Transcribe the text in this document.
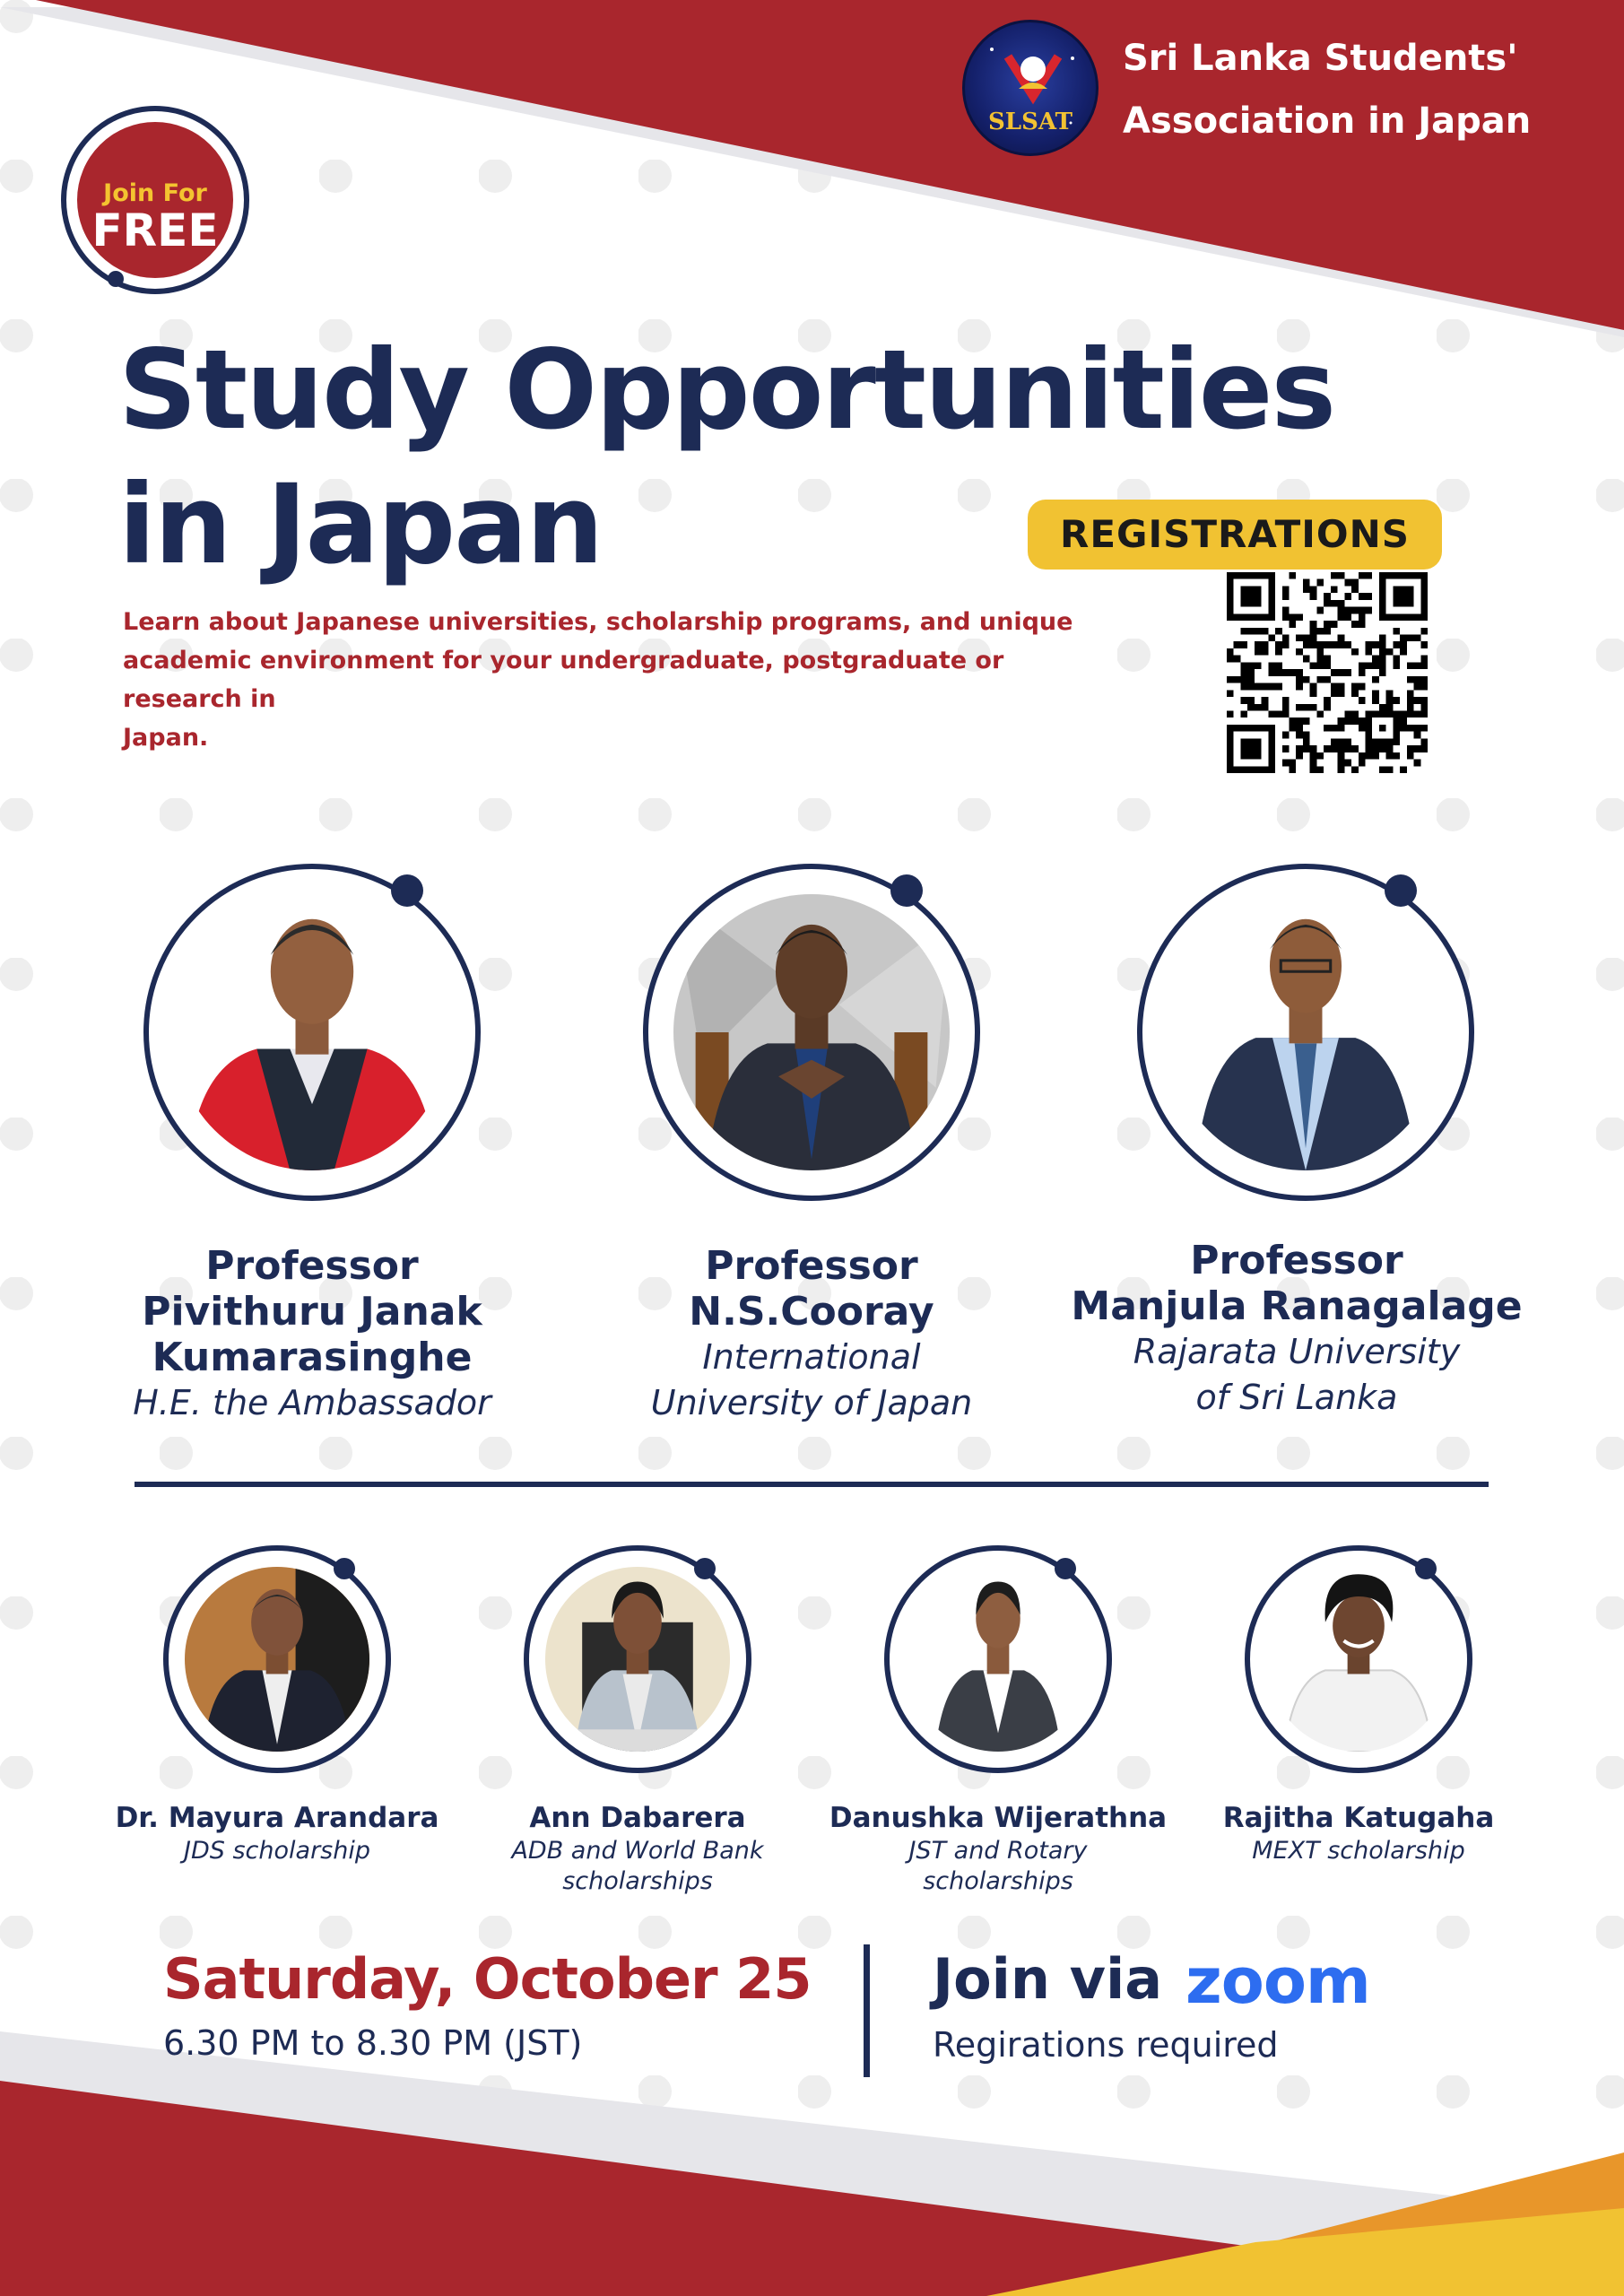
SLSAT
Sri Lanka Students'
Association in Japan
Join For
FREE
Study Opportunities
in Japan
Learn about Japanese universities, scholarship programs, and unique
academic environment for your undergraduate, postgraduate or research in
Japan.
REGISTRATIONS
Professor
Pivithuru Janak
Kumarasinghe
H.E. the Ambassador
Professor
N.S.Cooray
International
University of Japan
Professor
Manjula Ranagalage
Rajarata University
of Sri Lanka
Dr. Mayura Arandara
JDS scholarship
Ann Dabarera
ADB and World Bank
scholarships
Danushka Wijerathna
JST and Rotary
scholarships
Rajitha Katugaha
MEXT scholarship
Saturday, October 25
6.30 PM to 8.30 PM (JST)
Join via zoom
Regirations required
